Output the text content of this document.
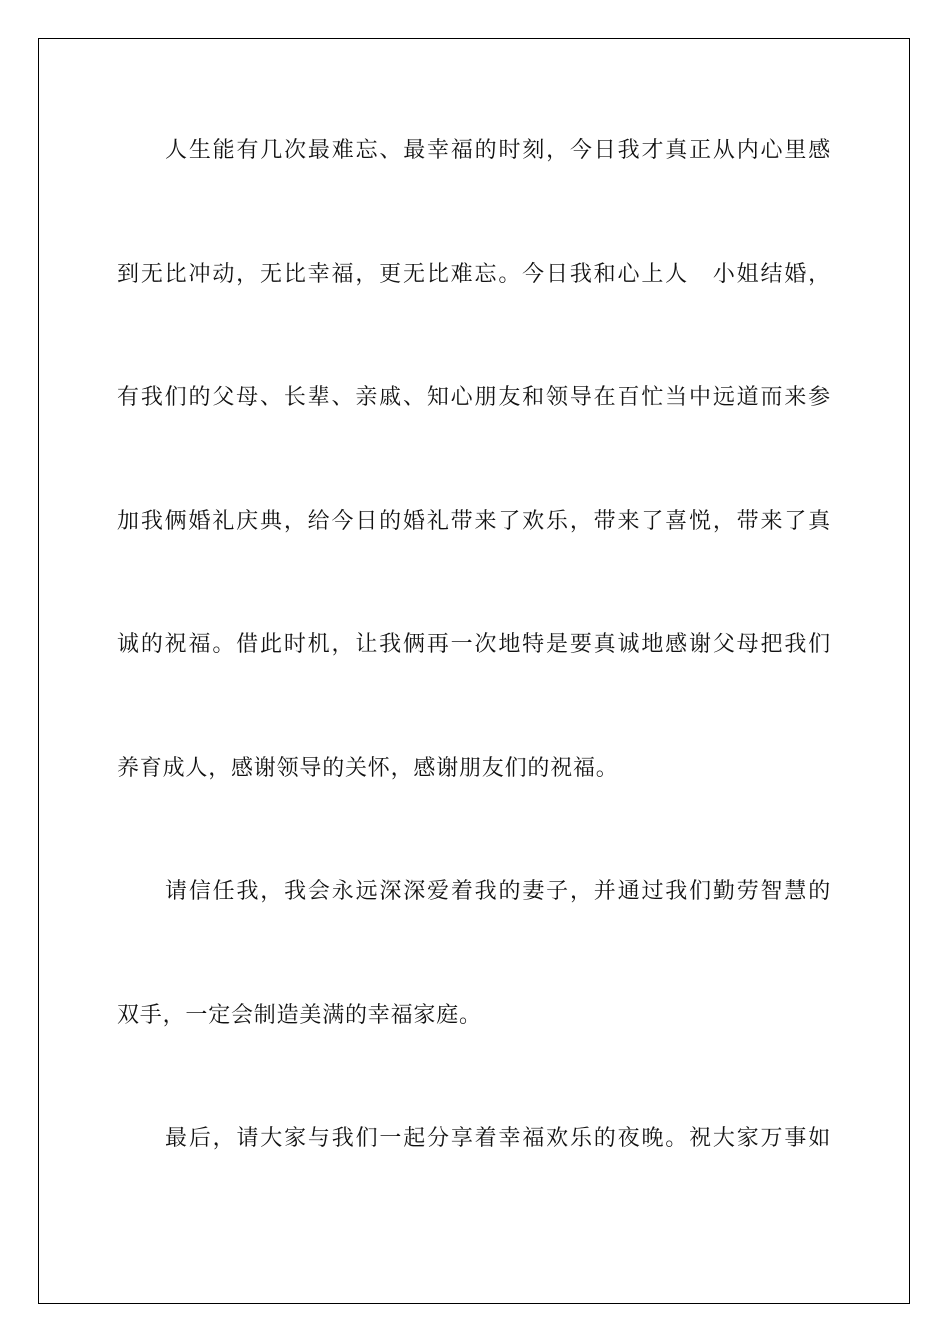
人生能有几次最难忘、最幸福的时刻，今日我才真正从内心里感
到无比冲动，无比幸福，更无比难忘。今日我和心上人　小姐结婚，
有我们的父母、长辈、亲戚、知心朋友和领导在百忙当中远道而来参
加我俩婚礼庆典，给今日的婚礼带来了欢乐，带来了喜悦，带来了真
诚的祝福。借此时机，让我俩再一次地特是要真诚地感谢父母把我们
养育成人，感谢领导的关怀，感谢朋友们的祝福。
请信任我，我会永远深深爱着我的妻子，并通过我们勤劳智慧的
双手，一定会制造美满的幸福家庭。
最后，请大家与我们一起分享着幸福欢乐的夜晚。祝大家万事如
